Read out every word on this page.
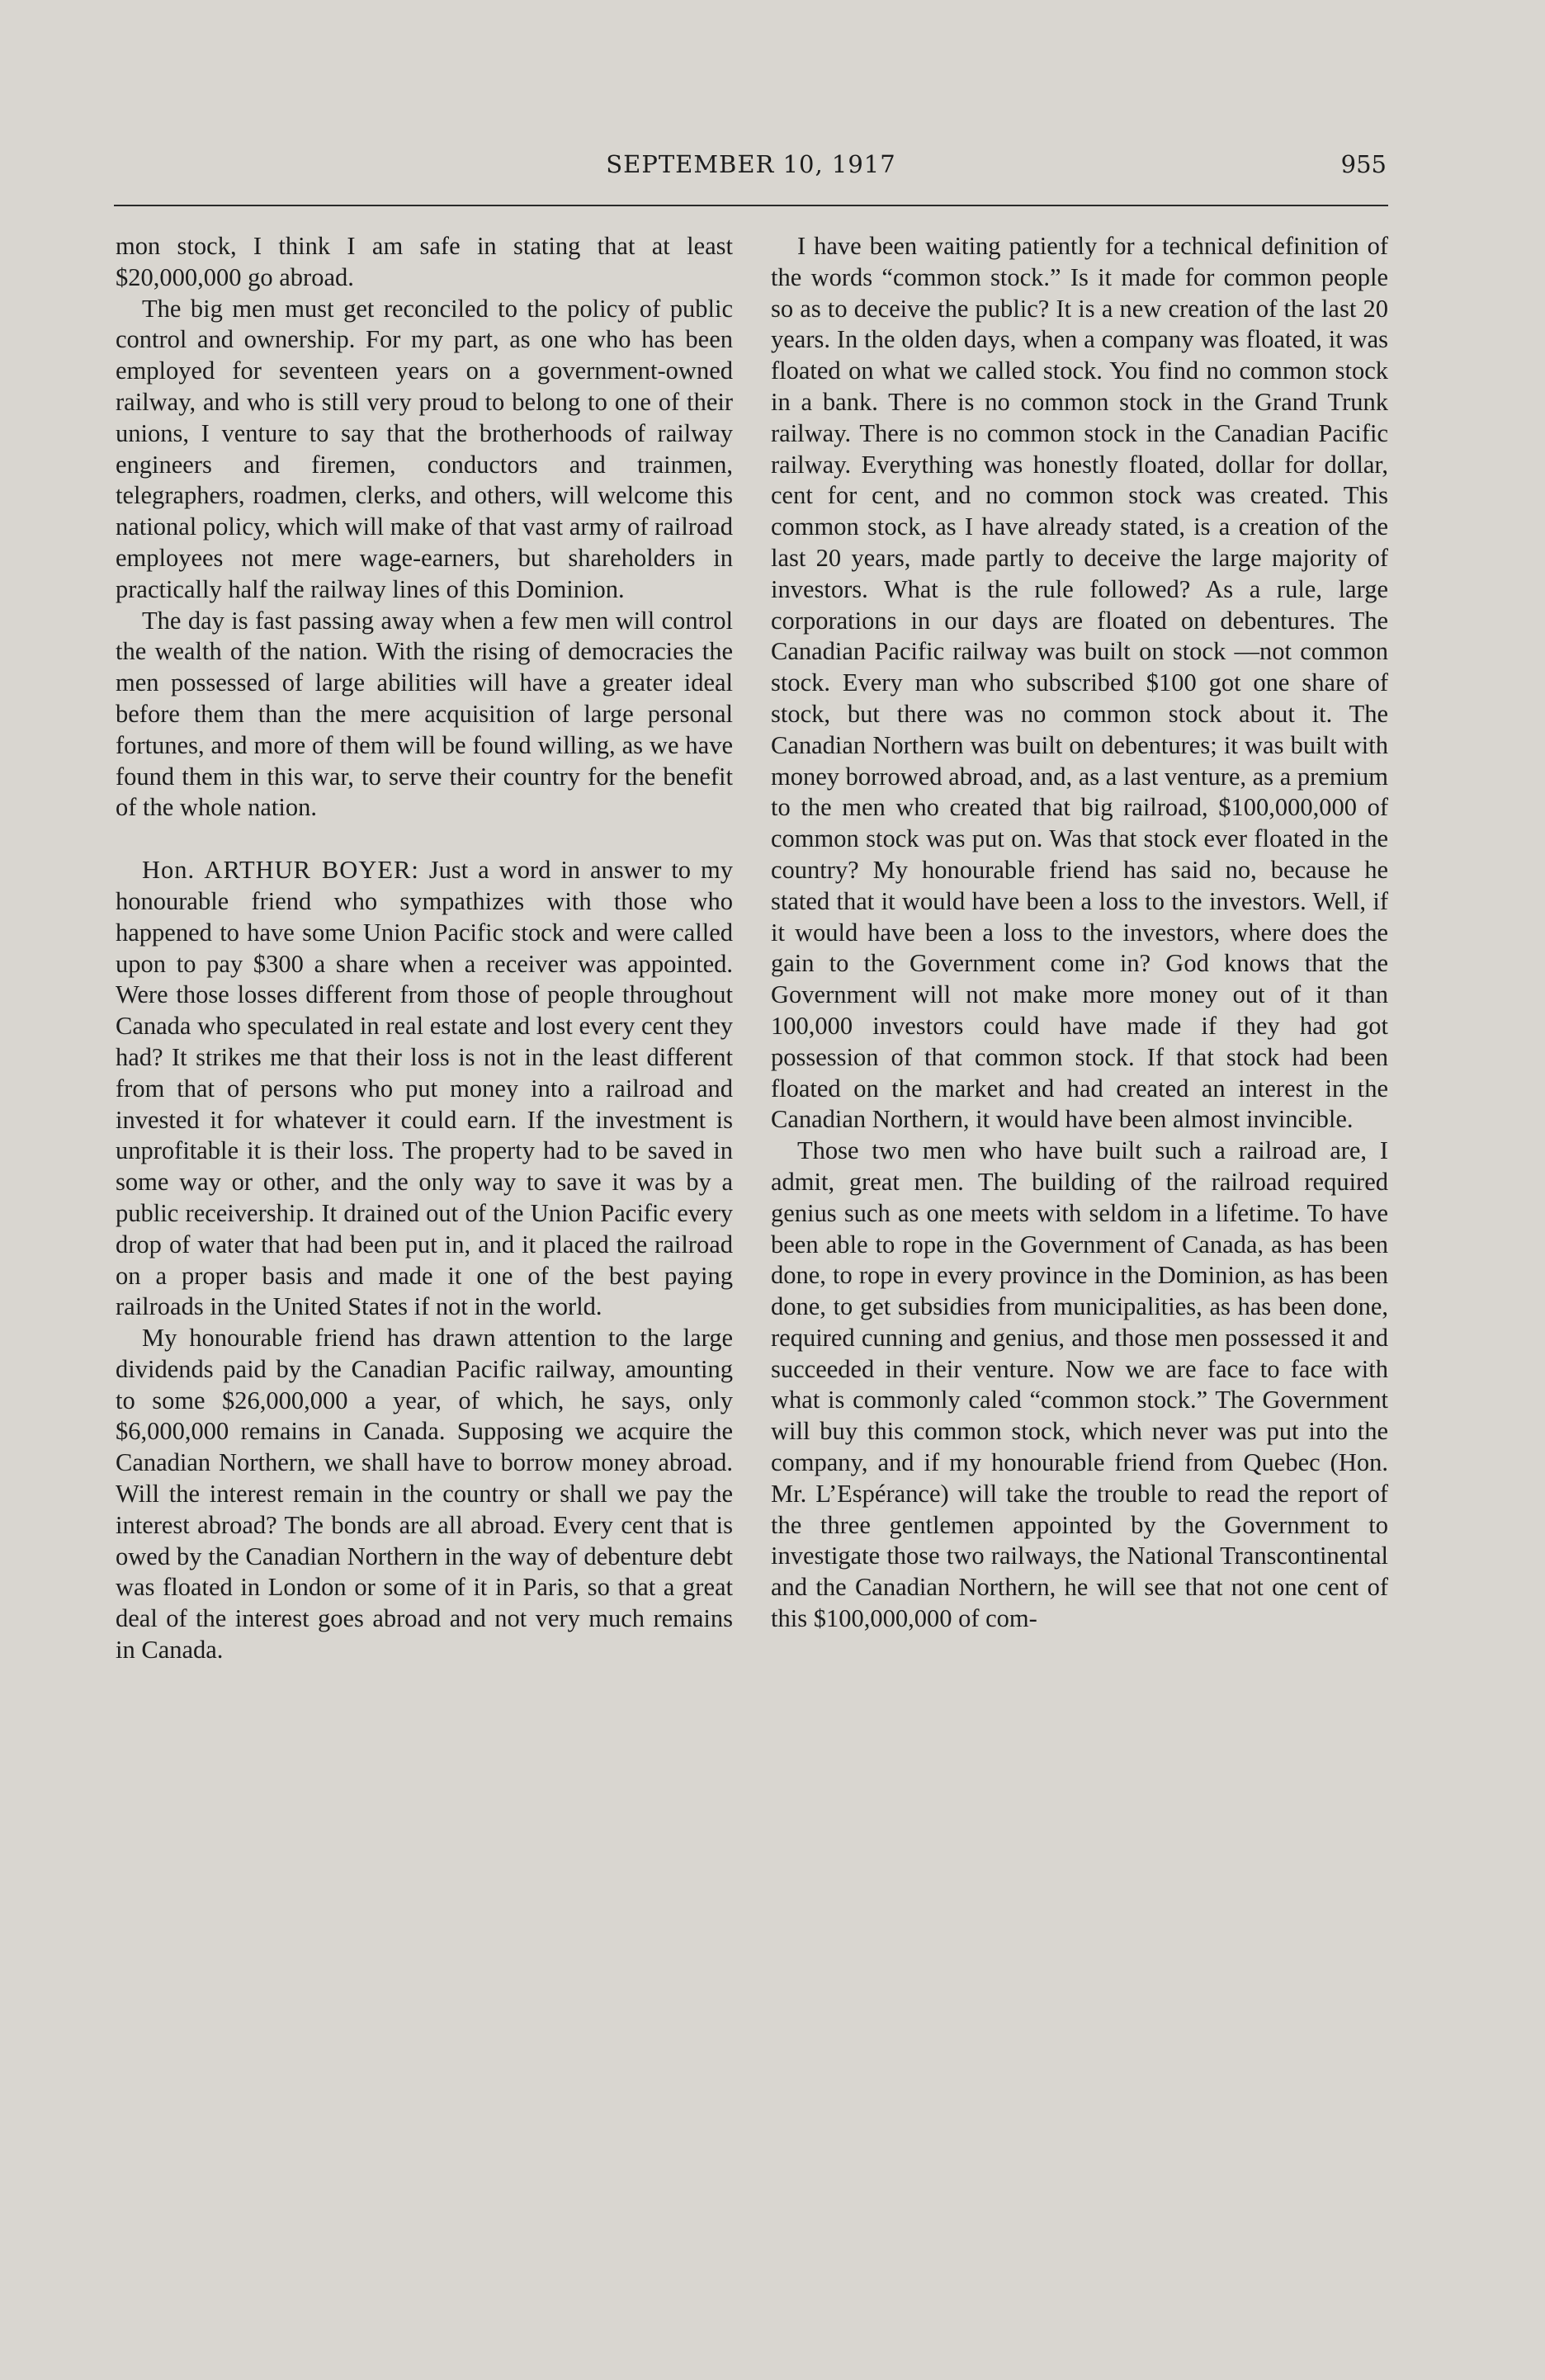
SEPTEMBER 10, 1917	955

mon stock, I think I am safe in stating that at least $20,000,000 go abroad.

The big men must get reconciled to the policy of public control and ownership. For my part, as one who has been employed for seventeen years on a government-owned railway, and who is still very proud to belong to one of their unions, I venture to say that the brotherhoods of railway engineers and firemen, conductors and trainmen, telegraphers, roadmen, clerks, and others, will welcome this national policy, which will make of that vast army of railroad employees not mere wage-earners, but shareholders in practically half the railway lines of this Dominion.

The day is fast passing away when a few men will control the wealth of the nation. With the rising of democracies the men possessed of large abilities will have a greater ideal before them than the mere acquisition of large personal fortunes, and more of them will be found willing, as we have found them in this war, to serve their country for the benefit of the whole nation.

Hon. ARTHUR BOYER: Just a word in answer to my honourable friend who sympathizes with those who happened to have some Union Pacific stock and were called upon to pay $300 a share when a receiver was appointed. Were those losses different from those of people throughout Canada who speculated in real estate and lost every cent they had? It strikes me that their loss is not in the least different from that of persons who put money into a railroad and invested it for whatever it could earn. If the investment is unprofitable it is their loss. The property had to be saved in some way or other, and the only way to save it was by a public receivership. It drained out of the Union Pacific every drop of water that had been put in, and it placed the railroad on a proper basis and made it one of the best paying railroads in the United States if not in the world.

My honourable friend has drawn attention to the large dividends paid by the Canadian Pacific railway, amounting to some $26,000,000 a year, of which, he says, only $6,000,000 remains in Canada. Supposing we acquire the Canadian Northern, we shall have to borrow money abroad. Will the interest remain in the country or shall we pay the interest abroad? The bonds are all abroad. Every cent that is owed by the Canadian Northern in the way of debenture debt was floated in London or some of it in Paris, so that a great deal of the interest goes abroad and not very much remains in Canada.

I have been waiting patiently for a technical definition of the words “common stock.” Is it made for common people so as to deceive the public? It is a new creation of the last 20 years. In the olden days, when a company was floated, it was floated on what we called stock. You find no common stock in a bank. There is no common stock in the Grand Trunk railway. There is no common stock in the Canadian Pacific railway. Everything was honestly floated, dollar for dollar, cent for cent, and no common stock was created. This common stock, as I have already stated, is a creation of the last 20 years, made partly to deceive the large majority of investors. What is the rule followed? As a rule, large corporations in our days are floated on debentures. The Canadian Pacific railway was built on stock —not common stock. Every man who subscribed $100 got one share of stock, but there was no common stock about it. The Canadian Northern was built on debentures; it was built with money borrowed abroad, and, as a last venture, as a premium to the men who created that big railroad, $100,000,000 of common stock was put on. Was that stock ever floated in the country? My honourable friend has said no, because he stated that it would have been a loss to the investors. Well, if it would have been a loss to the investors, where does the gain to the Government come in? God knows that the Government will not make more money out of it than 100,000 investors could have made if they had got possession of that common stock. If that stock had been floated on the market and had created an interest in the Canadian Northern, it would have been almost invincible.

Those two men who have built such a railroad are, I admit, great men. The building of the railroad required genius such as one meets with seldom in a lifetime. To have been able to rope in the Government of Canada, as has been done, to rope in every province in the Dominion, as has been done, to get subsidies from municipalities, as has been done, required cunning and genius, and those men possessed it and succeeded in their venture. Now we are face to face with what is commonly caled “common stock.” The Government will buy this common stock, which never was put into the company, and if my honourable friend from Quebec (Hon. Mr. L’Espérance) will take the trouble to read the report of the three gentlemen appointed by the Government to investigate those two railways, the National Transcontinental and the Canadian Northern, he will see that not one cent of this $100,000,000 of com-
